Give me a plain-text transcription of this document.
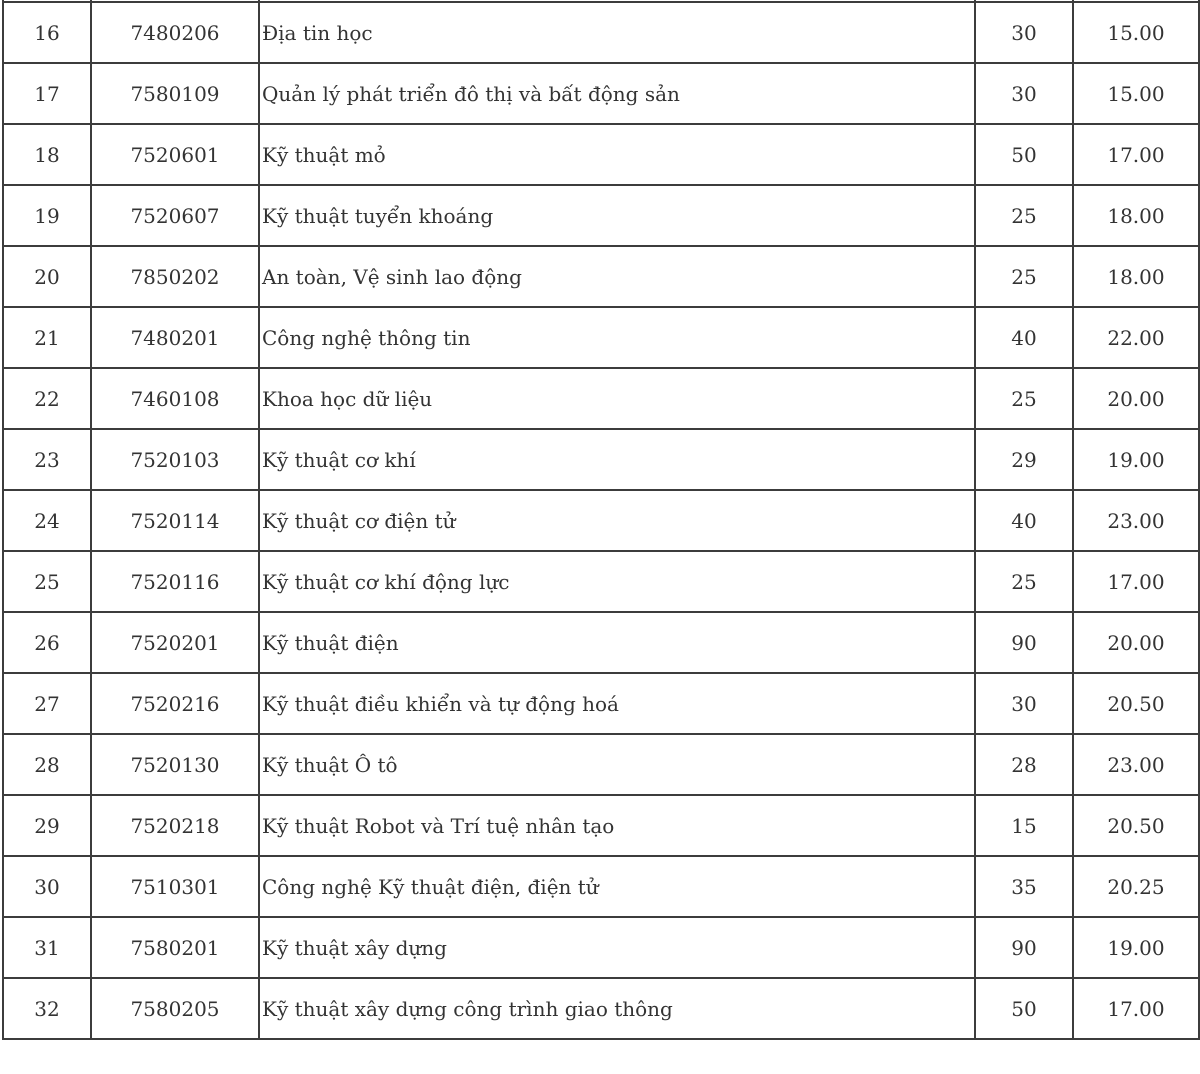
16	7480206	Địa tin học	30	15.00
17	7580109	Quản lý phát triển đô thị và bất động sản	30	15.00
18	7520601	Kỹ thuật mỏ	50	17.00
19	7520607	Kỹ thuật tuyển khoáng	25	18.00
20	7850202	An toàn, Vệ sinh lao động	25	18.00
21	7480201	Công nghệ thông tin	40	22.00
22	7460108	Khoa học dữ liệu	25	20.00
23	7520103	Kỹ thuật cơ khí	29	19.00
24	7520114	Kỹ thuật cơ điện tử	40	23.00
25	7520116	Kỹ thuật cơ khí động lực	25	17.00
26	7520201	Kỹ thuật điện	90	20.00
27	7520216	Kỹ thuật điều khiển và tự động hoá	30	20.50
28	7520130	Kỹ thuật Ô tô	28	23.00
29	7520218	Kỹ thuật Robot và Trí tuệ nhân tạo	15	20.50
30	7510301	Công nghệ Kỹ thuật điện, điện tử	35	20.25
31	7580201	Kỹ thuật xây dựng	90	19.00
32	7580205	Kỹ thuật xây dựng công trình giao thông	50	17.00
